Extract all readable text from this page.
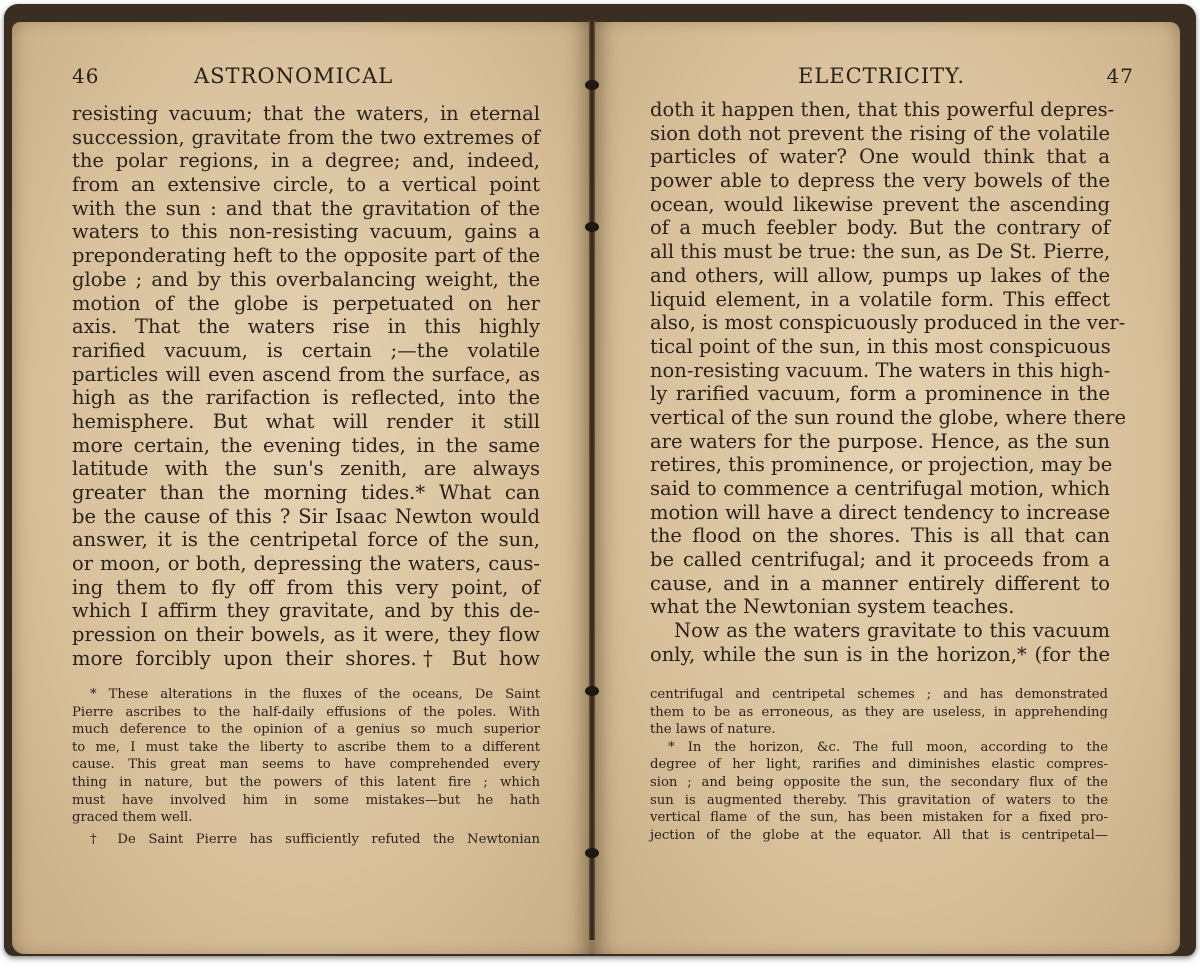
46	ASTRONOMICAL
resisting vacuum; that the waters, in eternal
succession, gravitate from the two extremes of
the polar regions, in a degree; and, indeed,
from an extensive circle, to a vertical point
with the sun : and that the gravitation of the
waters to this non-resisting vacuum, gains a
preponderating heft to the opposite part of the
globe ; and by this overbalancing weight, the
motion of the globe is perpetuated on her
axis. That the waters rise in this highly
rarified vacuum, is certain ;—the volatile
particles will even ascend from the surface, as
high as the rarifaction is reflected, into the
hemisphere. But what will render it still
more certain, the evening tides, in the same
latitude with the sun's zenith, are always
greater than the morning tides.* What can
be the cause of this ? Sir Isaac Newton would
answer, it is the centripetal force of the sun,
or moon, or both, depressing the waters, caus-
ing them to fly off from this very point, of
which I affirm they gravitate, and by this de-
pression on their bowels, as it were, they flow
more forcibly upon their shores.† But how
* These alterations in the fluxes of the oceans, De Saint
Pierre ascribes to the half-daily effusions of the poles. With
much deference to the opinion of a genius so much superior
to me, I must take the liberty to ascribe them to a different
cause. This great man seems to have comprehended every
thing in nature, but the powers of this latent fire ; which
must have involved him in some mistakes—but he hath
graced them well.
† De Saint Pierre has sufficiently refuted the Newtonian
ELECTRICITY.	47
doth it happen then, that this powerful depres-
sion doth not prevent the rising of the volatile
particles of water? One would think that a
power able to depress the very bowels of the
ocean, would likewise prevent the ascending
of a much feebler body. But the contrary of
all this must be true: the sun, as De St. Pierre,
and others, will allow, pumps up lakes of the
liquid element, in a volatile form. This effect
also, is most conspicuously produced in the ver-
tical point of the sun, in this most conspicuous
non-resisting vacuum. The waters in this high-
ly rarified vacuum, form a prominence in the
vertical of the sun round the globe, where there
are waters for the purpose. Hence, as the sun
retires, this prominence, or projection, may be
said to commence a centrifugal motion, which
motion will have a direct tendency to increase
the flood on the shores. This is all that can
be called centrifugal; and it proceeds from a
cause, and in a manner entirely different to
what the Newtonian system teaches.
Now as the waters gravitate to this vacuum
only, while the sun is in the horizon,* (for the
centrifugal and centripetal schemes ; and has demonstrated
them to be as erroneous, as they are useless, in apprehending
the laws of nature.
* In the horizon, &c. The full moon, according to the
degree of her light, rarifies and diminishes elastic compres-
sion ; and being opposite the sun, the secondary flux of the
sun is augmented thereby. This gravitation of waters to the
vertical flame of the sun, has been mistaken for a fixed pro-
jection of the globe at the equator. All that is centripetal—
